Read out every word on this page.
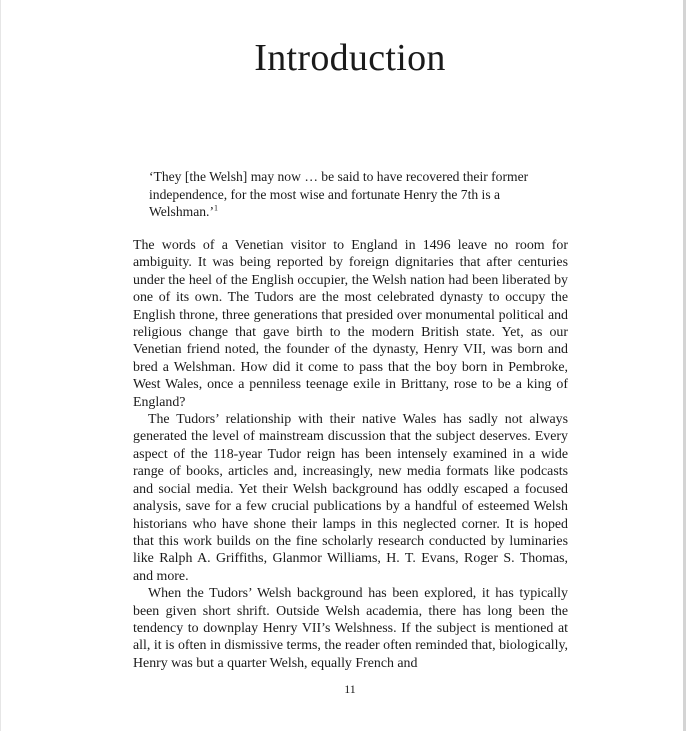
Introduction

‘They [the Welsh] may now … be said to have recovered their former independence, for the most wise and fortunate Henry the 7th is a Welshman.’$^1$

The words of a Venetian visitor to England in 1496 leave no room for ambiguity. It was being reported by foreign dignitaries that after centuries under the heel of the English occupier, the Welsh nation had been liberated by one of its own. The Tudors are the most celebrated dynasty to occupy the English throne, three generations that presided over monumental political and religious change that gave birth to the modern British state. Yet, as our Venetian friend noted, the founder of the dynasty, Henry VII, was born and bred a Welshman. How did it come to pass that the boy born in Pembroke, West Wales, once a penniless teenage exile in Brittany, rose to be a king of England?

The Tudors’ relationship with their native Wales has sadly not always generated the level of mainstream discussion that the subject deserves. Every aspect of the 118-year Tudor reign has been intensely examined in a wide range of books, articles and, increasingly, new media formats like podcasts and social media. Yet their Welsh background has oddly escaped a focused analysis, save for a few crucial publications by a handful of esteemed Welsh historians who have shone their lamps in this neglected corner. It is hoped that this work builds on the fine scholarly research conducted by luminaries like Ralph A. Griffiths, Glanmor Williams, H. T. Evans, Roger S. Thomas, and more.

When the Tudors’ Welsh background has been explored, it has typically been given short shrift. Outside Welsh academia, there has long been the tendency to downplay Henry VII’s Welshness. If the subject is mentioned at all, it is often in dismissive terms, the reader often reminded that, biologically, Henry was but a quarter Welsh, equally French and

11
